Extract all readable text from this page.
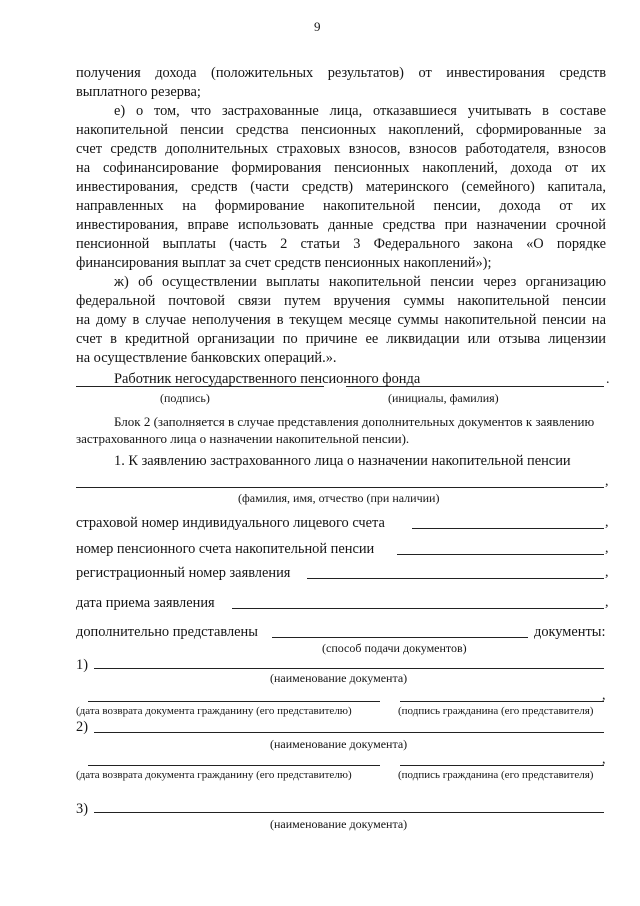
9
получения дохода (положительных результатов) от инвестирования средств
выплатного резерва;
е) о том, что застрахованные лица, отказавшиеся учитывать в составе
накопительной пенсии средства пенсионных накоплений, сформированные за
счет средств дополнительных страховых взносов, взносов работодателя, взносов
на софинансирование формирования пенсионных накоплений, дохода от их
инвестирования, средств (части средств) материнского (семейного) капитала,
направленных на формирование накопительной пенсии, дохода от их
инвестирования, вправе использовать данные средства при назначении срочной
пенсионной выплаты (часть 2 статьи 3 Федерального закона «О порядке
финансирования выплат за счет средств пенсионных накоплений»);
ж) об осуществлении выплаты накопительной пенсии через организацию
федеральной почтовой связи путем вручения суммы накопительной пенсии
на дому в случае неполучения в текущем месяце суммы накопительной пенсии на
счет в кредитной организации по причине ее ликвидации или отзыва лицензии
на осуществление банковских операций.».
Работник негосударственного пенсионного фонда	.
(подпись)	(инициалы, фамилия)
Блок 2 (заполняется в случае представления дополнительных документов к заявлению
застрахованного лица о назначении накопительной пенсии).
1. К заявлению застрахованного лица о назначении накопительной пенсии
,
(фамилия, имя, отчество (при наличии)
страховой номер индивидуального лицевого счета	,
номер пенсионного счета накопительной пенсии	,
регистрационный номер заявления	,
дата приема заявления	,
дополнительно представлены	документы:
(способ подачи документов)
1)
(наименование документа)
,
(дата возврата документа гражданину (его представителю)	(подпись гражданина (его представителя)
2)
(наименование документа)
,
(дата возврата документа гражданину (его представителю)	(подпись гражданина (его представителя)
3)
(наименование документа)
